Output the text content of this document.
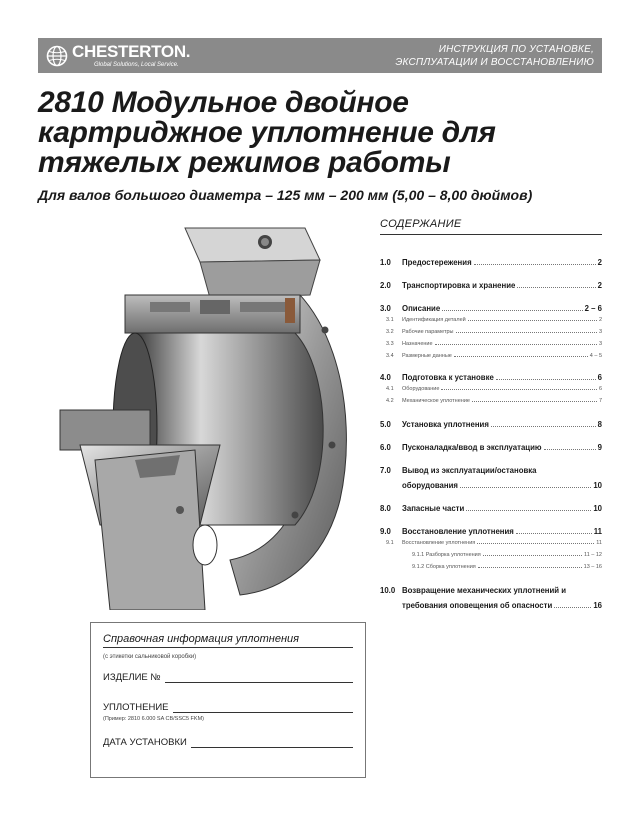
CHESTERTON.
Global Solutions, Local Service.
ИНСТРУКЦИЯ ПО УСТАНОВКЕ,
ЭКСПЛУАТАЦИИ И ВОССТАНОВЛЕНИЮ
2810 Модульное двойное
картриджное уплотнение для
тяжелых режимов работы
Для валов большого диаметра – 125 мм – 200 мм (5,00 – 8,00 дюймов)
СОДЕРЖАНИЕ
1.0	Предостережения	2
2.0	Транспортировка и хранение	2
3.0	Описание	2 – 6
3.1	Идентификация деталей	2
3.2	Рабочие параметры	3
3.3	Назначение	3
3.4	Размерные данные	4 – 5
4.0	Подготовка к установке	6
4.1	Оборудование	6
4.2	Механическое уплотнение	7
5.0	Установка уплотнения	8
6.0	Пусконаладка/ввод в эксплуатацию	9
7.0	Вывод из эксплуатации/остановка
оборудования	10
8.0	Запасные части	10
9.0	Восстановление уплотнения	11
9.1	Восстановление уплотнения	11
9.1.1 Разборка уплотнения	11 – 12
9.1.2 Сборка уплотнения	13 – 16
10.0 Возвращение механических уплотнений и
требования оповещения об опасности	16
Справочная информация уплотнения
(с этикетки сальниковой коробки)
ИЗДЕЛИЕ №
УПЛОТНЕНИЕ
(Пример: 2810 6.000 SA CB/SSC5 FKM)
ДАТА УСТАНОВКИ
